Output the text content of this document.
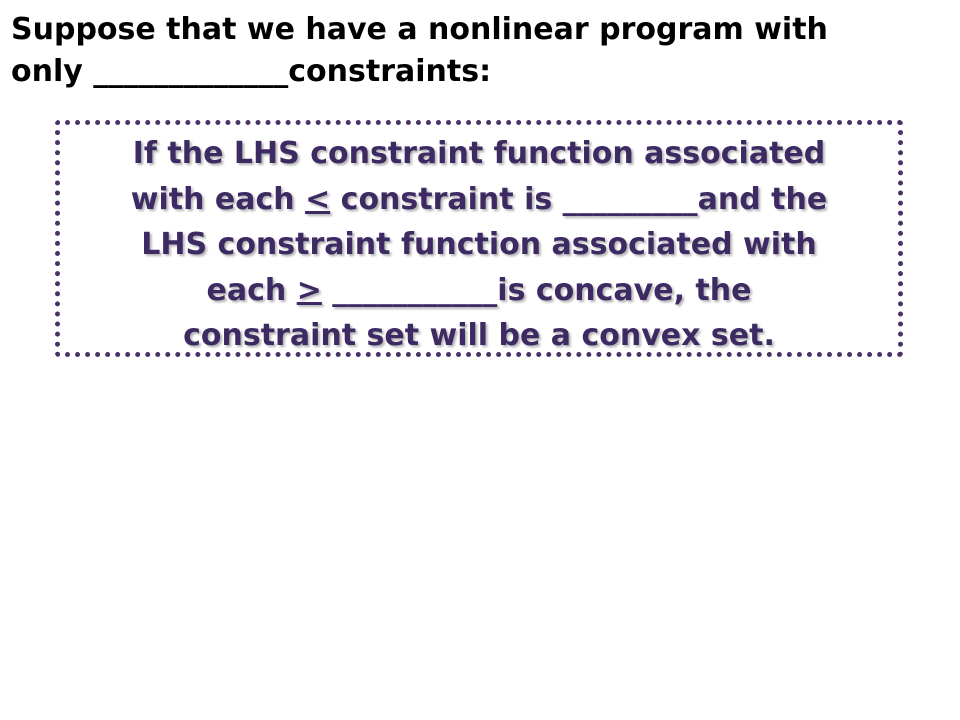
Suppose that we have a nonlinear program with
only _____________constraints:
If the LHS constraint function associated
with each < constraint is _________and the
LHS constraint function associated with
each > ___________is concave, the
constraint set will be a convex set.
